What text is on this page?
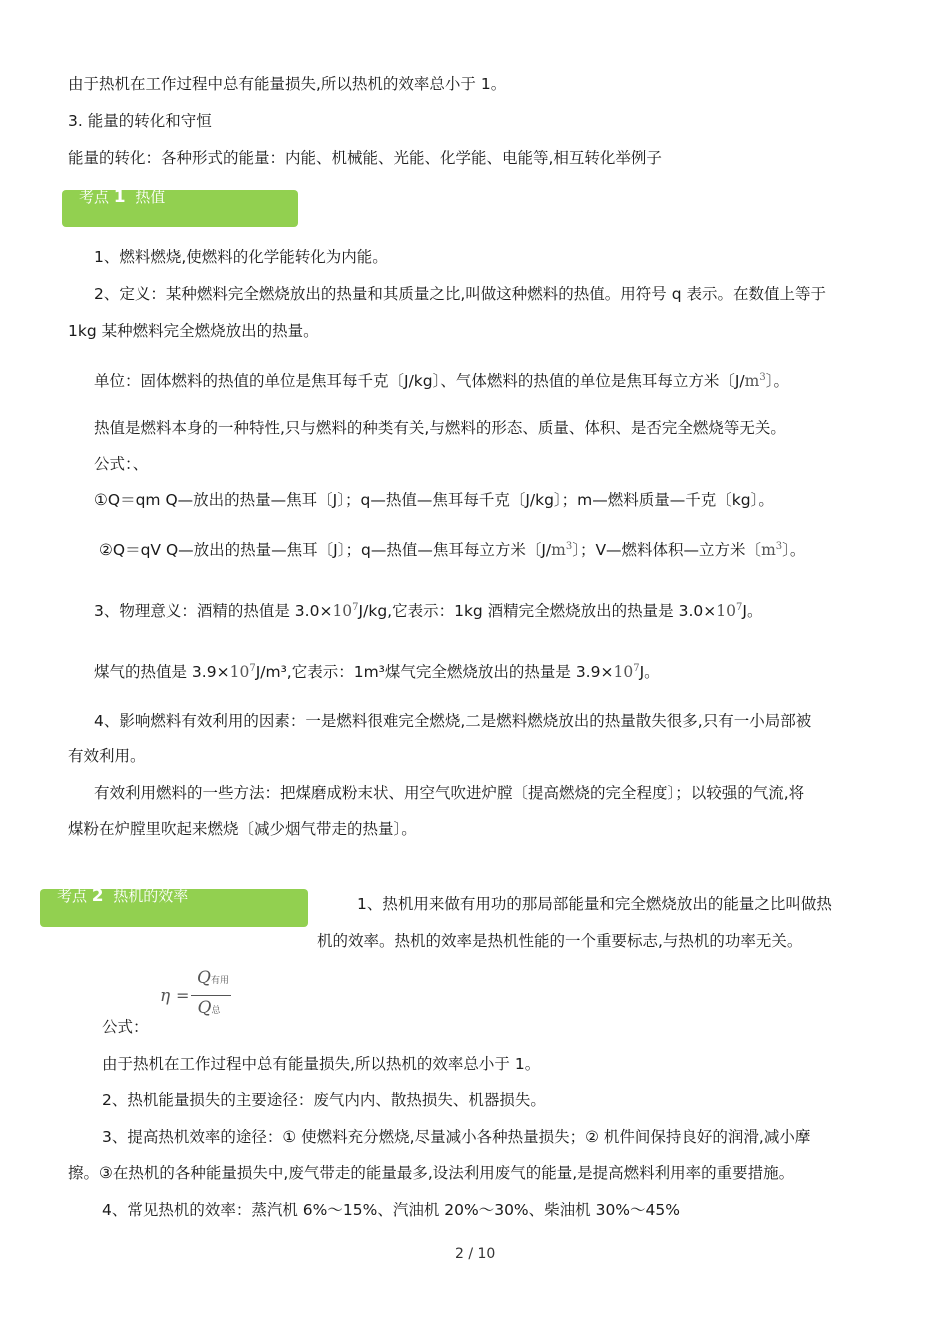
由于热机在工作过程中总有能量损失,所以热机的效率总小于 1。
3. 能量的转化和守恒
能量的转化：各种形式的能量：内能、机械能、光能、化学能、电能等,相互转化举例子
考点 1 热值
1、燃料燃烧,使燃料的化学能转化为内能。
2、定义：某种燃料完全燃烧放出的热量和其质量之比,叫做这种燃料的热值。用符号 q 表示。在数值上等于
1kg 某种燃料完全燃烧放出的热量。
单位：固体燃料的热值的单位是焦耳每千克〔J/kg〕、气体燃料的热值的单位是焦耳每立方米〔$J/m^3$〕。
热值是燃料本身的一种特性,只与燃料的种类有关,与燃料的形态、质量、体积、是否完全燃烧等无关。
公式：、
①Q＝qm Q—放出的热量—焦耳〔J〕；q—热值—焦耳每千克〔J/kg〕；m—燃料质量—千克〔kg〕。
②Q＝qV Q—放出的热量—焦耳〔J〕；q—热值—焦耳每立方米〔$J/m^3$〕；V—燃料体积—立方米〔$m^3$〕。
3、物理意义：酒精的热值是 $3.0\times 10^7J/kg$,它表示：1kg 酒精完全燃烧放出的热量是 $3.0\times 10^7J$。
煤气的热值是 $3.9\times 10^7J/m^3$,它表示：1m³煤气完全燃烧放出的热量是 $3.9\times 10^7J$。
4、影响燃料有效利用的因素：一是燃料很难完全燃烧,二是燃料燃烧放出的热量散失很多,只有一小局部被
有效利用。
有效利用燃料的一些方法：把煤磨成粉末状、用空气吹进炉膛〔提高燃烧的完全程度〕；以较强的气流,将
煤粉在炉膛里吹起来燃烧〔减少烟气带走的热量〕。
考点 2 热机的效率	1、热机用来做有用功的那局部能量和完全燃烧放出的能量之比叫做热
机的效率。热机的效率是热机性能的一个重要标志,与热机的功率无关。
η =
Q有用
Q总
公式：
由于热机在工作过程中总有能量损失,所以热机的效率总小于 1。
2、热机能量损失的主要途径：废气内内、散热损失、机器损失。
3、提高热机效率的途径：① 使燃料充分燃烧,尽量减小各种热量损失；② 机件间保持良好的润滑,减小摩
擦。③在热机的各种能量损失中,废气带走的能量最多,设法利用废气的能量,是提高燃料利用率的重要措施。
4、常见热机的效率：蒸汽机 6%～15%、汽油机 20%～30%、柴油机 30%～45%
2 / 10
